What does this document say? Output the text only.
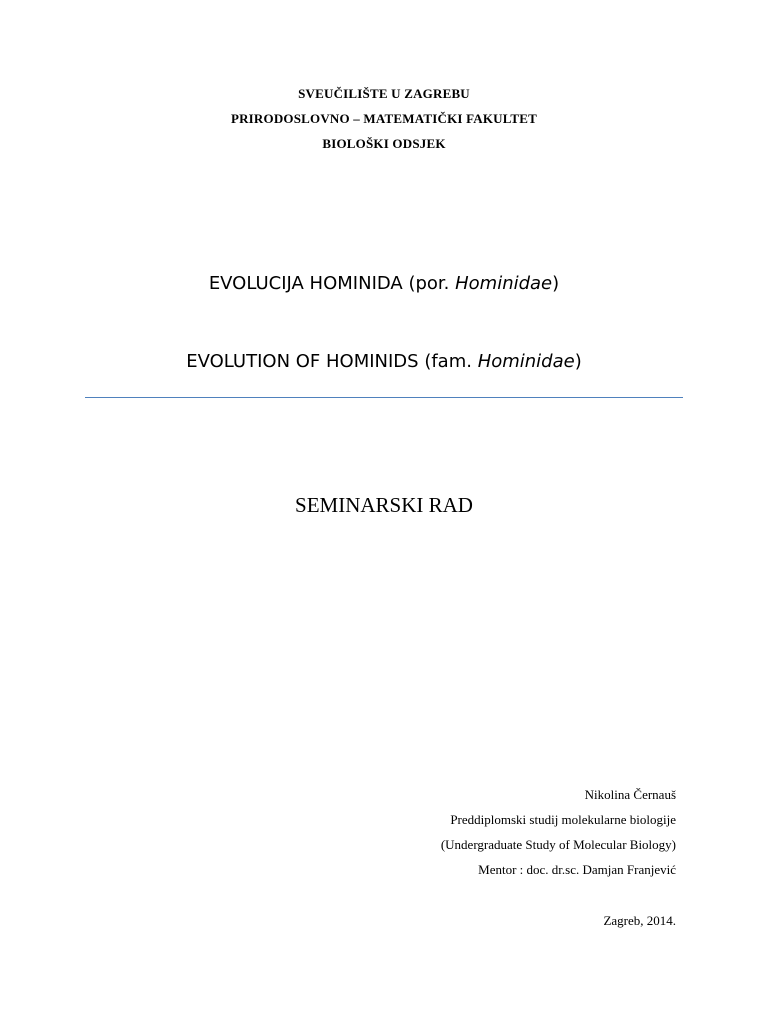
SVEUČILIŠTE U ZAGREBU
PRIRODOSLOVNO – MATEMATIČKI FAKULTET
BIOLOŠKI ODSJEK
EVOLUCIJA HOMINIDA (por. Hominidae)
EVOLUTION OF HOMINIDS (fam. Hominidae)
SEMINARSKI RAD
Nikolina Černauš
Preddiplomski studij molekularne biologije
(Undergraduate Study of Molecular Biology)
Mentor : doc. dr.sc. Damjan Franjević
Zagreb, 2014.
